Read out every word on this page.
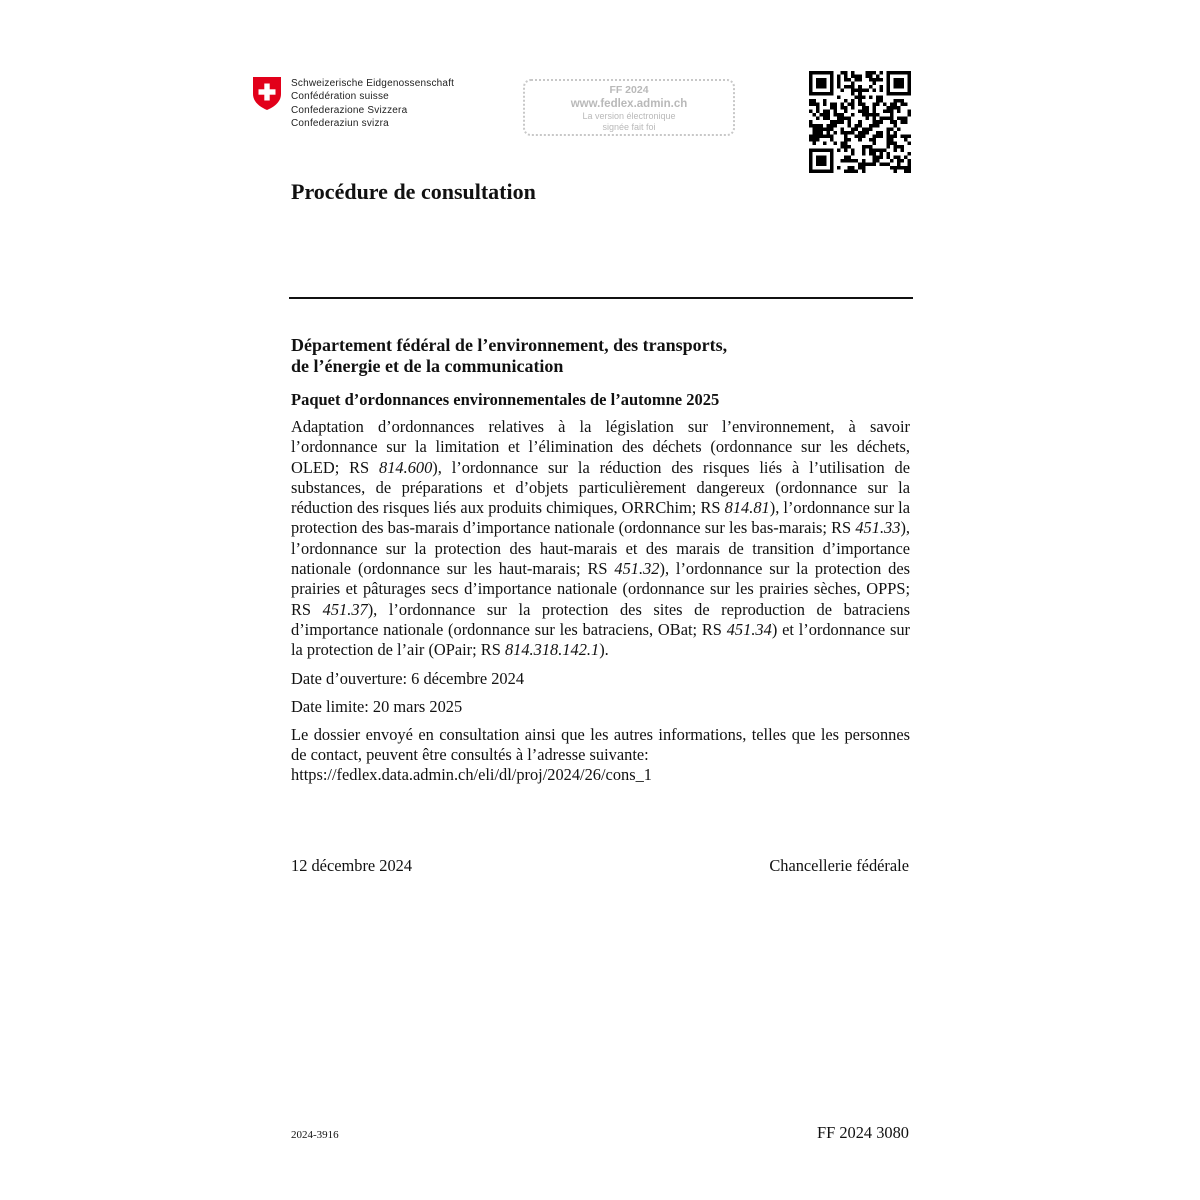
Schweizerische Eidgenossenschaft
Confédération suisse
Confederazione Svizzera
Confederaziun svizra
FF 2024
www.fedlex.admin.ch
La version électronique
signée fait foi
Procédure de consultation
Département fédéral de l’environnement, des transports,
de l’énergie et de la communication
Paquet d’ordonnances environnementales de l’automne 2025

Adaptation d’ordonnances relatives à la législation sur l’environnement, à savoir l’ordonnance sur la limitation et l’élimination des déchets (ordonnance sur les déchets, OLED; RS 814.600), l’ordonnance sur la réduction des risques liés à l’utilisation de substances, de préparations et d’objets particulièrement dangereux (ordonnance sur la réduction des risques liés aux produits chimiques, ORRChim; RS 814.81), l’ordonnance sur la protection des bas-marais d’importance nationale (ordonnance sur les bas-marais; RS 451.33), l’ordonnance sur la protection des haut-marais et des marais de transition d’importance nationale (ordonnance sur les haut-marais; RS 451.32), l’ordonnance sur la protection des prairies et pâturages secs d’importance nationale (ordonnance sur les prairies sèches, OPPS; RS 451.37), l’ordonnance sur la protection des sites de reproduction de batraciens d’importance nationale (ordonnance sur les batraciens, OBat; RS 451.34) et l’ordonnance sur la protection de l’air (OPair; RS 814.318.142.1).

Date d’ouverture: 6 décembre 2024

Date limite: 20 mars 2025

Le dossier envoyé en consultation ainsi que les autres informations, telles que les personnes de contact, peuvent être consultés à l’adresse suivante:
https://fedlex.data.admin.ch/eli/dl/proj/2024/26/cons_1

12 décembre 2024	Chancellerie fédérale
2024-3916	FF 2024 3080
